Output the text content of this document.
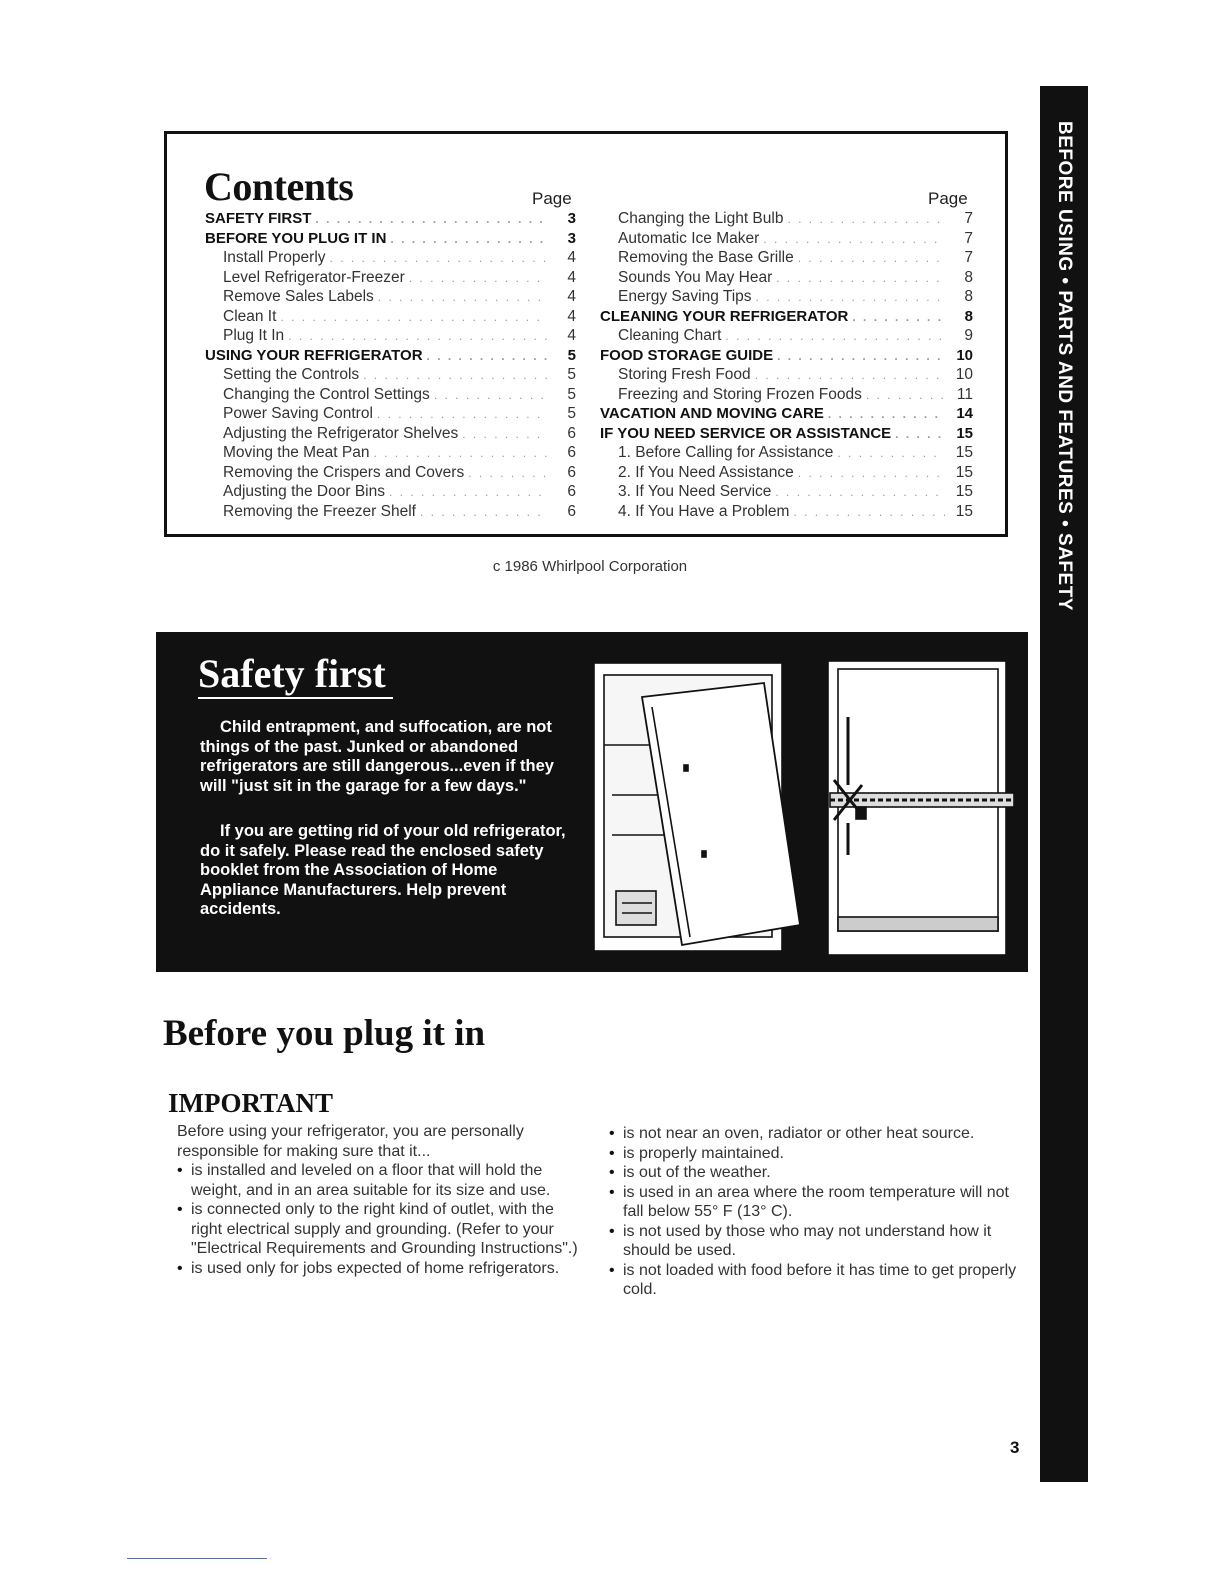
BEFORE USING • PARTS AND FEATURES • SAFETY
Contents	Page	Page
SAFETY FIRST . . .	3
BEFORE YOU PLUG IT IN . . .	3
Install Properly . . .	4
Level Refrigerator-Freezer . . .	4
Remove Sales Labels . . .	4
Clean It . . .	4
Plug It In . . .	4
USING YOUR REFRIGERATOR . . .	5
Setting the Controls . . .	5
Changing the Control Settings . . .	5
Power Saving Control . . .	5
Adjusting the Refrigerator Shelves . . .	6
Moving the Meat Pan . . .	6
Removing the Crispers and Covers . . .	6
Adjusting the Door Bins . . .	6
Removing the Freezer Shelf . . .	6
Changing the Light Bulb . . .	7
Automatic Ice Maker . . .	7
Removing the Base Grille . . .	7
Sounds You May Hear . . .	8
Energy Saving Tips . . .	8
CLEANING YOUR REFRIGERATOR . . .	8
Cleaning Chart . . .	9
FOOD STORAGE GUIDE . . .	10
Storing Fresh Food . . .	10
Freezing and Storing Frozen Foods . . .	11
VACATION AND MOVING CARE . . .	14
IF YOU NEED SERVICE OR ASSISTANCE . . .	15
1. Before Calling for Assistance . . .	15
2. If You Need Assistance . . .	15
3. If You Need Service . . .	15
4. If You Have a Problem . . .	15
c 1986 Whirlpool Corporation
Safety first

Child entrapment, and suffocation, are not things of the past. Junked or abandoned refrigerators are still dangerous...even if they will "just sit in the garage for a few days."

If you are getting rid of your old refrigerator, do it safely. Please read the enclosed safety booklet from the Association of Home Appliance Manufacturers. Help prevent accidents.

Before you plug it in
IMPORTANT

Before using your refrigerator, you are personally responsible for making sure that it...

• is installed and leveled on a floor that will hold the weight, and in an area suitable for its size and use.

• is connected only to the right kind of outlet, with the right electrical supply and grounding. (Refer to your "Electrical Requirements and Grounding Instructions".)

• is used only for jobs expected of home refrigerators.

• is not near an oven, radiator or other heat source.

• is properly maintained.

• is out of the weather.

• is used in an area where the room temperature will not fall below 55° F (13° C).

• is not used by those who may not understand how it should be used.

• is not loaded with food before it has time to get properly cold.

3
